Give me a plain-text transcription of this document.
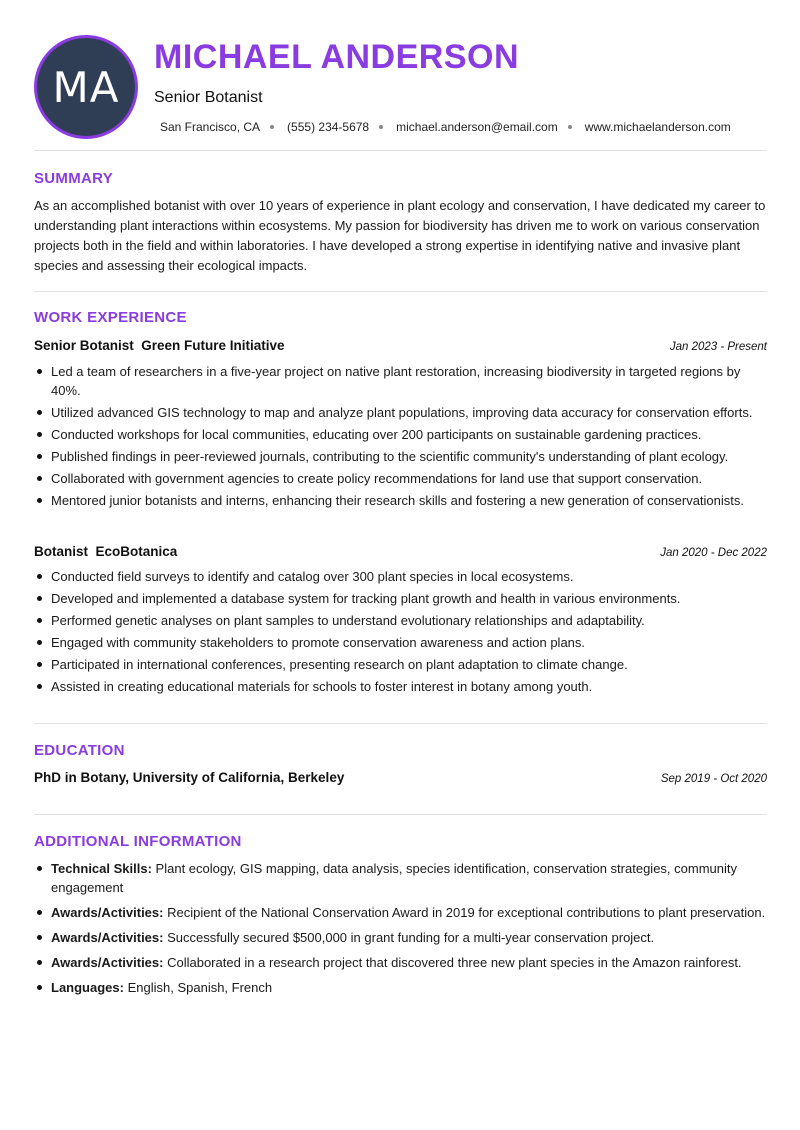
MA
MICHAEL ANDERSON
Senior Botanist
San Francisco, CA (555) 234-5678 michael.anderson@email.com www.michaelanderson.com
SUMMARY

As an accomplished botanist with over 10 years of experience in plant ecology and conservation, I have dedicated my career to understanding plant interactions within ecosystems. My passion for biodiversity has driven me to work on various conservation projects both in the field and within laboratories. I have developed a strong expertise in identifying native and invasive plant species and assessing their ecological impacts.

WORK EXPERIENCE
Senior Botanist Green Future Initiative	Jan 2023 - Present
Led a team of researchers in a five-year project on native plant restoration, increasing biodiversity in targeted regions by 40%.
Utilized advanced GIS technology to map and analyze plant populations, improving data accuracy for conservation efforts.
Conducted workshops for local communities, educating over 200 participants on sustainable gardening practices.
Published findings in peer-reviewed journals, contributing to the scientific community's understanding of plant ecology.
Collaborated with government agencies to create policy recommendations for land use that support conservation.
Mentored junior botanists and interns, enhancing their research skills and fostering a new generation of conservationists.
Botanist EcoBotanica	Jan 2020 - Dec 2022
Conducted field surveys to identify and catalog over 300 plant species in local ecosystems.
Developed and implemented a database system for tracking plant growth and health in various environments.
Performed genetic analyses on plant samples to understand evolutionary relationships and adaptability.
Engaged with community stakeholders to promote conservation awareness and action plans.
Participated in international conferences, presenting research on plant adaptation to climate change.
Assisted in creating educational materials for schools to foster interest in botany among youth.
EDUCATION
PhD in Botany, University of California, Berkeley	Sep 2019 - Oct 2020
ADDITIONAL INFORMATION
Technical Skills: Plant ecology, GIS mapping, data analysis, species identification, conservation strategies, community engagement
Awards/Activities: Recipient of the National Conservation Award in 2019 for exceptional contributions to plant preservation.
Awards/Activities: Successfully secured $500,000 in grant funding for a multi-year conservation project.
Awards/Activities: Collaborated in a research project that discovered three new plant species in the Amazon rainforest.
Languages: English, Spanish, French
